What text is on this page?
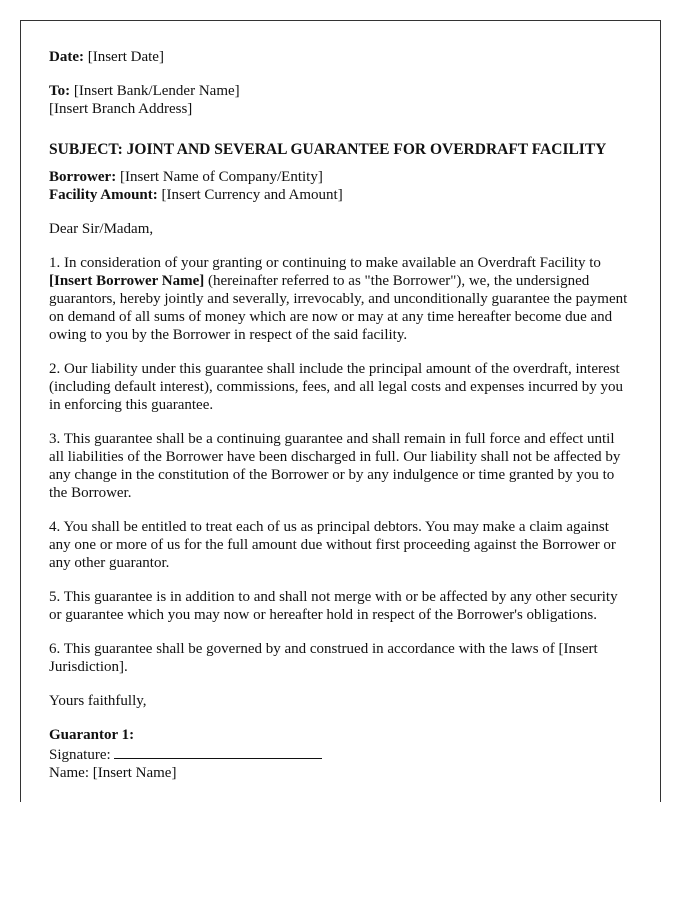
Date: [Insert Date]

To: [Insert Bank/Lender Name]
[Insert Branch Address]

SUBJECT: JOINT AND SEVERAL GUARANTEE FOR OVERDRAFT FACILITY

Borrower: [Insert Name of Company/Entity]
Facility Amount: [Insert Currency and Amount]

Dear Sir/Madam,

1. In consideration of your granting or continuing to make available an Overdraft Facility to [Insert Borrower Name] (hereinafter referred to as "the Borrower"), we, the undersigned guarantors, hereby jointly and severally, irrevocably, and unconditionally guarantee the payment on demand of all sums of money which are now or may at any time hereafter become due and owing to you by the Borrower in respect of the said facility.

2. Our liability under this guarantee shall include the principal amount of the overdraft, interest (including default interest), commissions, fees, and all legal costs and expenses incurred by you in enforcing this guarantee.

3. This guarantee shall be a continuing guarantee and shall remain in full force and effect until all liabilities of the Borrower have been discharged in full. Our liability shall not be affected by any change in the constitution of the Borrower or by any indulgence or time granted by you to the Borrower.

4. You shall be entitled to treat each of us as principal debtors. You may make a claim against any one or more of us for the full amount due without first proceeding against the Borrower or any other guarantor.

5. This guarantee is in addition to and shall not merge with or be affected by any other security or guarantee which you may now or hereafter hold in respect of the Borrower's obligations.

6. This guarantee shall be governed by and construed in accordance with the laws of [Insert Jurisdiction].

Yours faithfully,

Guarantor 1:
Signature:
Name: [Insert Name]
